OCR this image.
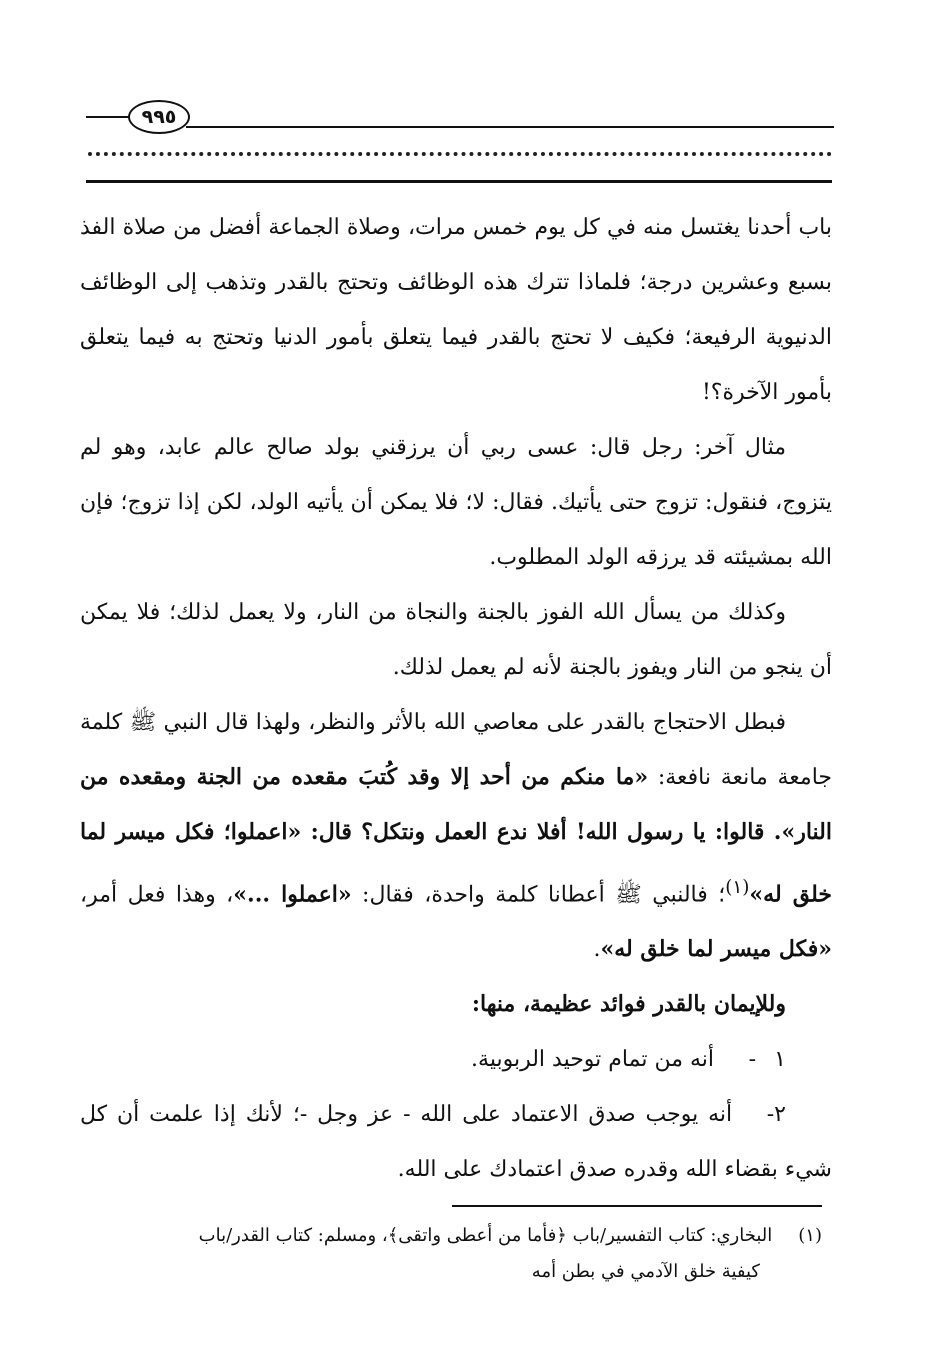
٩٩٥

باب أحدنا يغتسل منه في كل يوم خمس مرات، وصلاة الجماعة أفضل من صلاة الفذ بسبع وعشرين درجة؛ فلماذا تترك هذه الوظائف وتحتج بالقدر وتذهب إلى الوظائف الدنيوية الرفيعة؛ فكيف لا تحتج بالقدر فيما يتعلق بأمور الدنيا وتحتج به فيما يتعلق بأمور الآخرة؟!

مثال آخر: رجل قال: عسى ربي أن يرزقني بولد صالح عالم عابد، وهو لم يتزوج، فنقول: تزوج حتى يأتيك. فقال: لا؛ فلا يمكن أن يأتيه الولد، لكن إذا تزوج؛ فإن الله بمشيئته قد يرزقه الولد المطلوب.

وكذلك من يسأل الله الفوز بالجنة والنجاة من النار، ولا يعمل لذلك؛ فلا يمكن أن ينجو من النار ويفوز بالجنة لأنه لم يعمل لذلك.

فبطل الاحتجاج بالقدر على معاصي الله بالأثر والنظر، ولهذا قال النبي ﷺ كلمة جامعة مانعة نافعة: «ما منكم من أحد إلا وقد كُتبَ مقعده من الجنة ومقعده من النار». قالوا: يا رسول الله! أفلا ندع العمل ونتكل؟ قال: «اعملوا؛ فكل ميسر لما خلق له»$^{(١)}$؛ فالنبي ﷺ أعطانا كلمة واحدة، فقال: «اعملوا ...»، وهذا فعل أمر، «فكل ميسر لما خلق له».

وللإيمان بالقدر فوائد عظيمة، منها:

١
-
أنه من تمام توحيد الربوبية.

٢-أنه يوجب صدق الاعتماد على الله - عز وجل -؛ لأنك إذا علمت أن كل شيء بقضاء الله وقدره صدق اعتمادك على الله.

(١)البخاري: كتاب التفسير/باب ﴿فأما من أعطى واتقى﴾، ومسلم: كتاب القدر/باب
كيفية خلق الآدمي في بطن أمه
